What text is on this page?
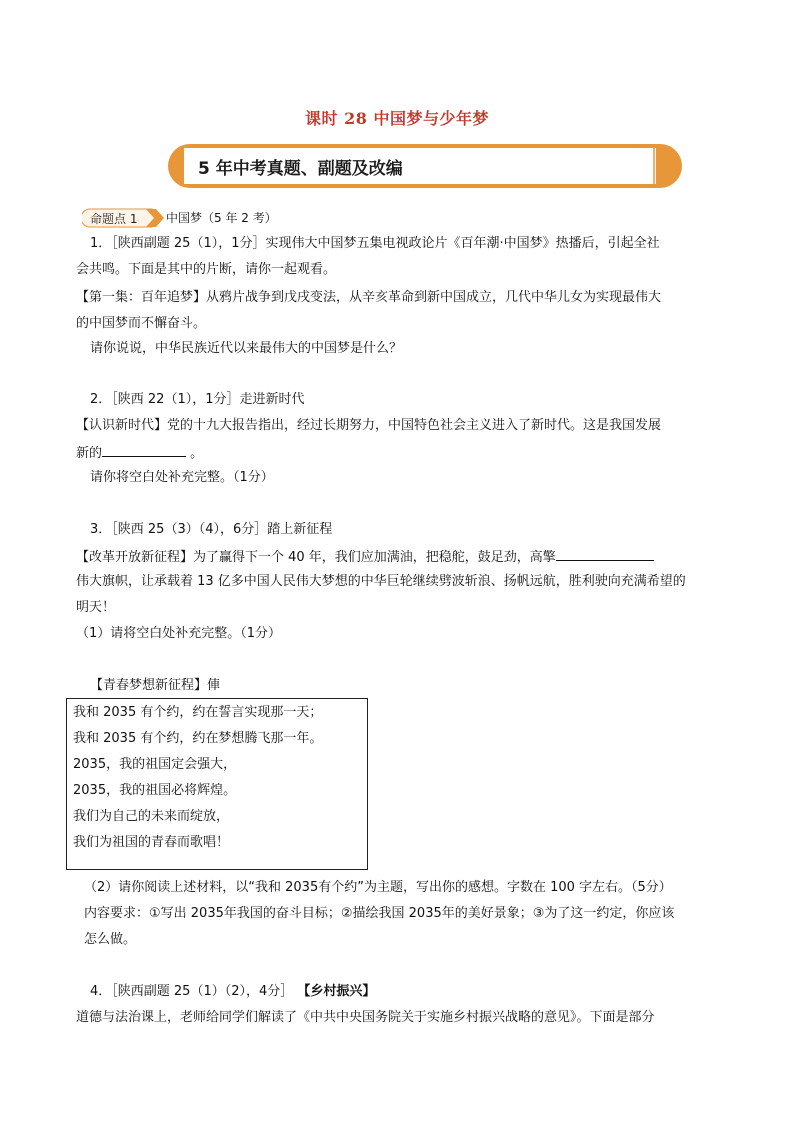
课时 28 中国梦与少年梦
5 年中考真题、副题及改编
命题点 1 中国梦（5 年 2 考）
1．［陕西副题 25（1），1分］实现伟大中国梦五集电视政论片《百年潮·中国梦》热播后，引起全社
会共鸣。下面是其中的片断，请你一起观看。
【第一集：百年追梦】从鸦片战争到戊戌变法，从辛亥革命到新中国成立，几代中华儿女为实现最伟大
的中国梦而不懈奋斗。
请你说说，中华民族近代以来最伟大的中国梦是什么？
2．［陕西 22（1），1分］走进新时代
【认识新时代】党的十九大报告指出，经过长期努力，中国特色社会主义进入了新时代。这是我国发展
新的	。
请你将空白处补充完整。（1分）
3．［陕西 25（3）（4），6分］踏上新征程
【改革开放新征程】为了赢得下一个 40 年，我们应加满油，把稳舵，鼓足劲，高擎
伟大旗帜，让承载着 13 亿多中国人民伟大梦想的中华巨轮继续劈波斩浪、扬帆远航，胜利驶向充满希望的
明天！
（1）请将空白处补充完整。（1分）
【青春梦想新征程】俥
我和 2035 有个约，约在誓言实现那一天；
我和 2035 有个约，约在梦想腾飞那一年。
2035，我的祖国定会强大，
2035，我的祖国必将辉煌。
我们为自己的未来而绽放，
我们为祖国的青春而歌唱！
（2）请你阅读上述材料，以“我和 2035有个约”为主题，写出你的感想。字数在 100 字左右。（5分）
内容要求：①写出 2035年我国的奋斗目标；②描绘我国 2035年的美好景象；③为了这一约定，你应该
怎么做。
4．［陕西副题 25（1）（2），4分］ 【乡村振兴】
道德与法治课上，老师给同学们解读了《中共中央国务院关于实施乡村振兴战略的意见》。下面是部分
